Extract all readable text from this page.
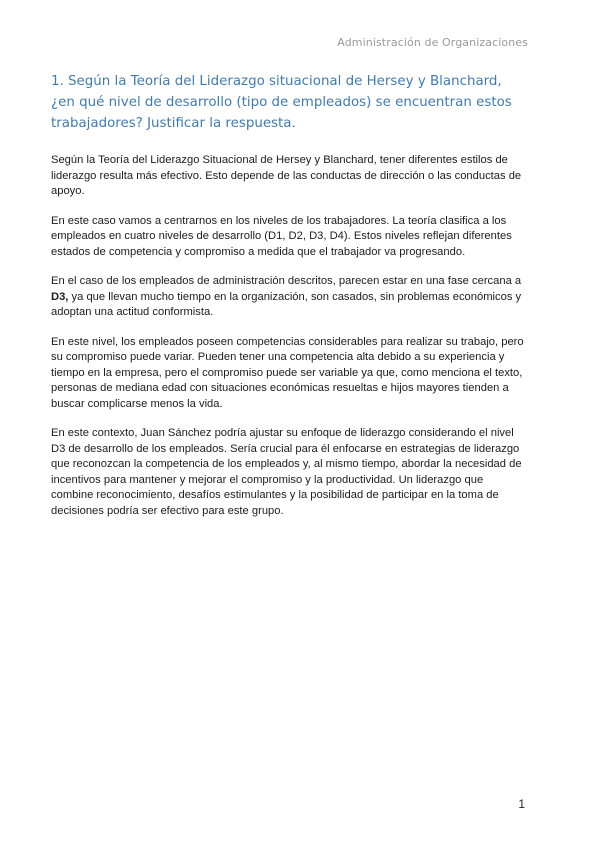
Administración de Organizaciones
1. Según la Teoría del Liderazgo situacional de Hersey y Blanchard, ¿en qué nivel de desarrollo (tipo de empleados) se encuentran estos trabajadores? Justificar la respuesta.

Según la Teoría del Liderazgo Situacional de Hersey y Blanchard, tener diferentes estilos de liderazgo resulta más efectivo. Esto depende de las conductas de dirección o las conductas de apoyo.

En este caso vamos a centrarnos en los niveles de los trabajadores. La teoría clasifica a los empleados en cuatro niveles de desarrollo (D1, D2, D3, D4). Estos niveles reflejan diferentes estados de competencia y compromiso a medida que el trabajador va progresando.

En el caso de los empleados de administración descritos, parecen estar en una fase cercana a D3, ya que llevan mucho tiempo en la organización, son casados, sin problemas económicos y adoptan una actitud conformista.

En este nivel, los empleados poseen competencias considerables para realizar su trabajo, pero su compromiso puede variar. Pueden tener una competencia alta debido a su experiencia y tiempo en la empresa, pero el compromiso puede ser variable ya que, como menciona el texto, personas de mediana edad con situaciones económicas resueltas e hijos mayores tienden a buscar complicarse menos la vida.

En este contexto, Juan Sánchez podría ajustar su enfoque de liderazgo considerando el nivel D3 de desarrollo de los empleados. Sería crucial para él enfocarse en estrategias de liderazgo que reconozcan la competencia de los empleados y, al mismo tiempo, abordar la necesidad de incentivos para mantener y mejorar el compromiso y la productividad. Un liderazgo que combine reconocimiento, desafíos estimulantes y la posibilidad de participar en la toma de decisiones podría ser efectivo para este grupo.

1
